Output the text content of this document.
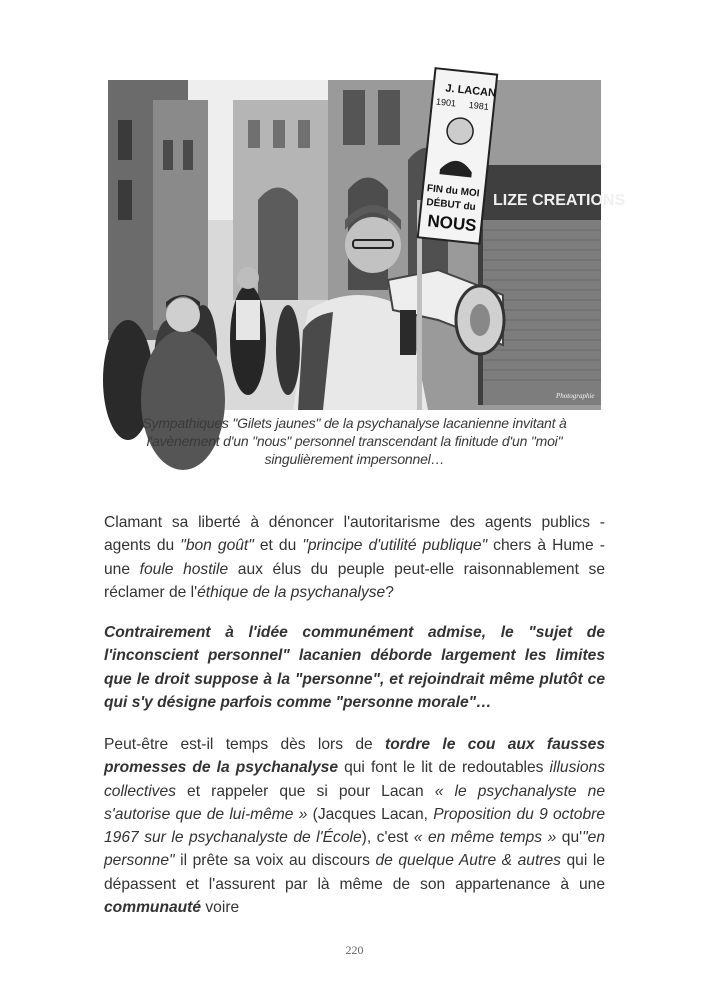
LIZE CREATIONS
J. LACAN
1901 1981
FIN du MOI
DÉBUT du
NOUS
Photographie
Sympathiques "Gilets jaunes" de la psychanalyse lacanienne invitant à
l'avènement d'un "nous" personnel transcendant la finitude d'un "moi"
singulièrement impersonnel…

Clamant sa liberté à dénoncer l'autoritarisme des agents publics - agents du "bon goût" et du "principe d'utilité publique" chers à Hume - une foule hostile aux élus du peuple peut-elle raisonnablement se réclamer de l'éthique de la psychanalyse?

Contrairement à l'idée communément admise, le "sujet de l'inconscient personnel" lacanien déborde largement les limites que le droit suppose à la "personne", et rejoindrait même plutôt ce qui s'y désigne parfois comme "personne morale"…

Peut-être est-il temps dès lors de tordre le cou aux fausses promesses de la psychanalyse qui font le lit de redoutables illusions collectives et rappeler que si pour Lacan « le psychanalyste ne s'autorise que de lui-même » (Jacques Lacan, Proposition du 9 octobre 1967 sur le psychanalyste de l'École), c'est « en même temps » qu'"en personne" il prête sa voix au discours de quelque Autre & autres qui le dépassent et l'assurent par là même de son appartenance à une communauté voire

220
